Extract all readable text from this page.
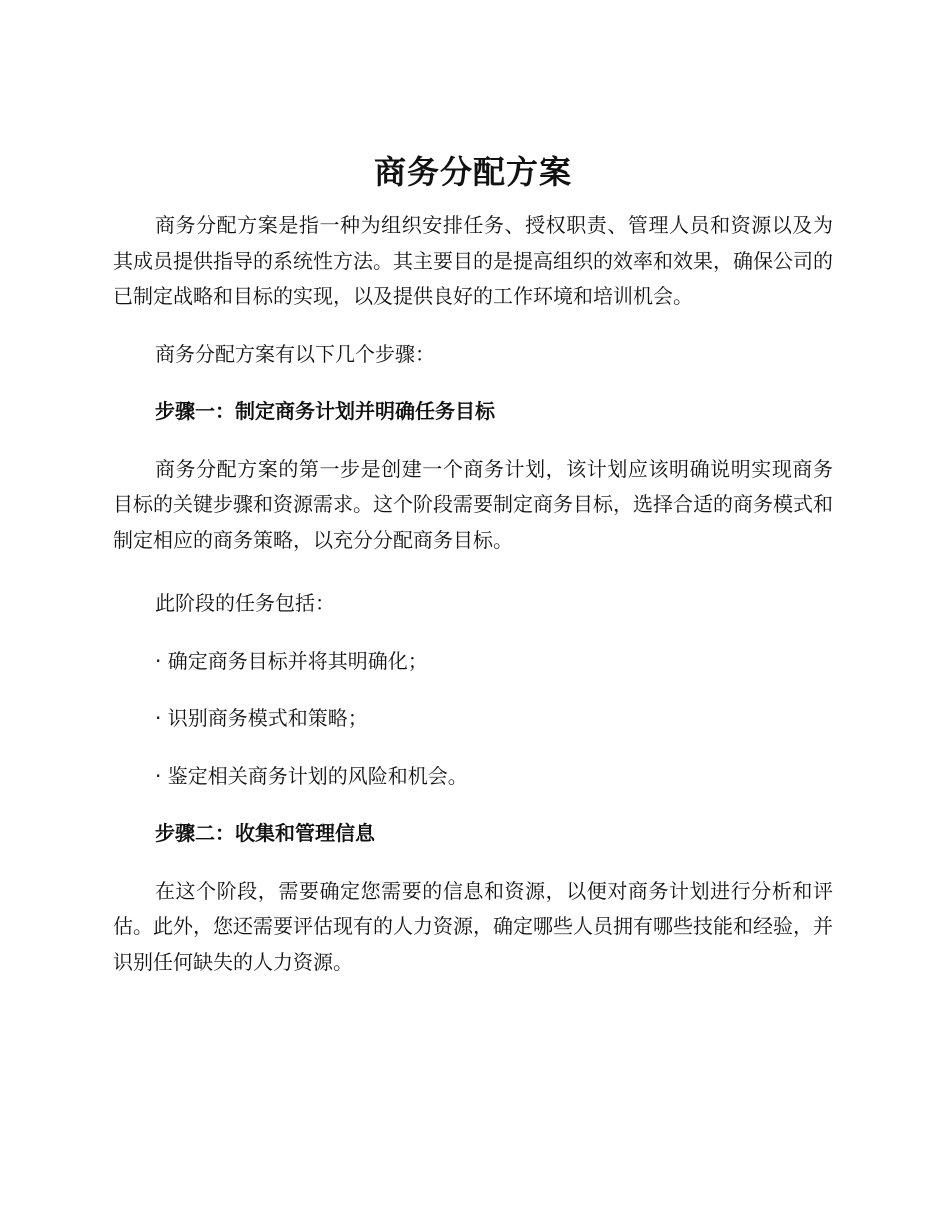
商务分配方案

商务分配方案是指一种为组织安排任务、授权职责、管理人员和资源以及为其成员提供指导的系统性方法。其主要目的是提高组织的效率和效果，确保公司的已制定战略和目标的实现，以及提供良好的工作环境和培训机会。

商务分配方案有以下几个步骤：

步骤一：制定商务计划并明确任务目标

商务分配方案的第一步是创建一个商务计划，该计划应该明确说明实现商务目标的关键步骤和资源需求。这个阶段需要制定商务目标，选择合适的商务模式和制定相应的商务策略，以充分分配商务目标。

此阶段的任务包括：

· 确定商务目标并将其明确化；

· 识别商务模式和策略；

· 鉴定相关商务计划的风险和机会。

步骤二：收集和管理信息

在这个阶段，需要确定您需要的信息和资源，以便对商务计划进行分析和评估。此外，您还需要评估现有的人力资源，确定哪些人员拥有哪些技能和经验，并识别任何缺失的人力资源。
